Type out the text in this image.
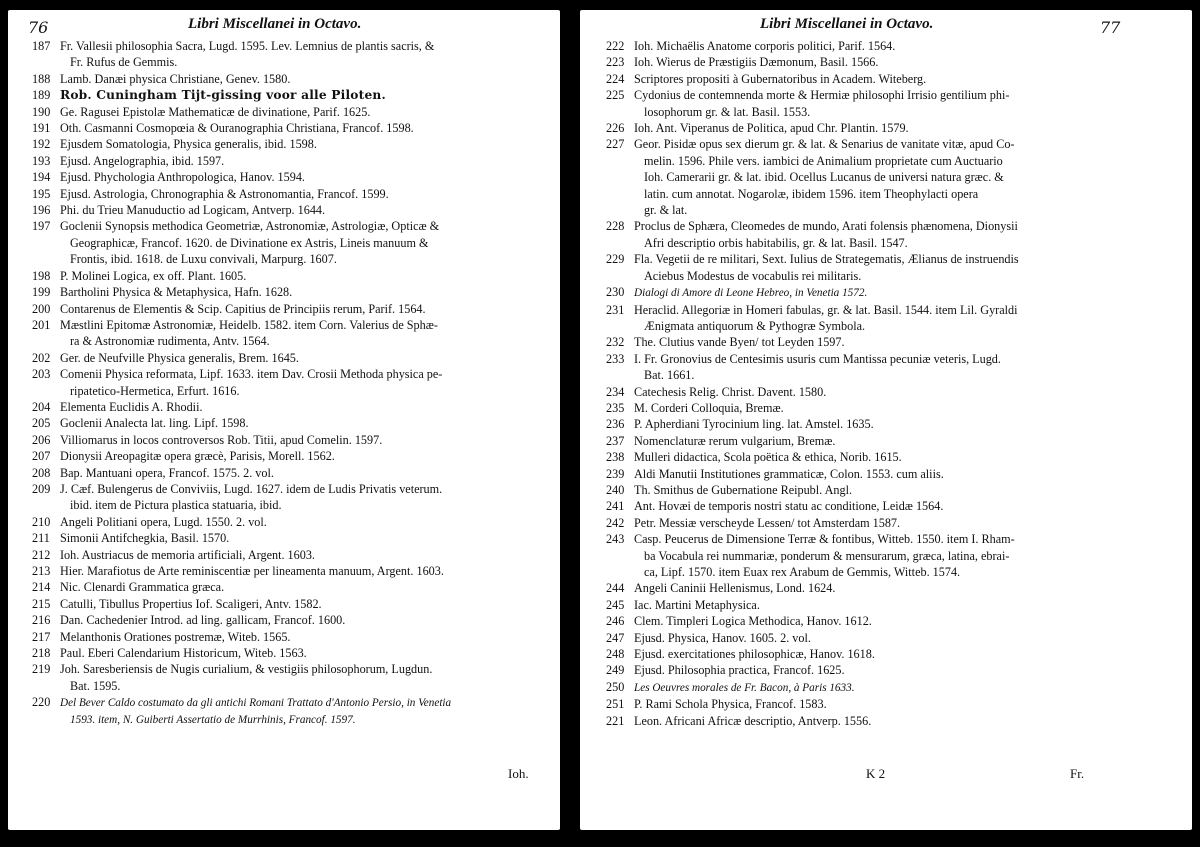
76	Libri Miscellanei in Octavo.
187 Fr. Vallesii philosophia Sacra, Lugd. 1595. Lev. Lemnius de plantis sacris, &
Fr. Rufus de Gemmis.
188 Lamb. Danæi physica Christiane, Genev. 1580.
189 Rob. Cuningham Tijt-gissing voor alle Piloten.
190 Ge. Ragusei Epistolæ Mathematicæ de divinatione, Parif. 1625.
191 Oth. Casmanni Cosmopœia & Ouranographia Christiana, Francof. 1598.
192 Ejusdem Somatologia, Physica generalis, ibid. 1598.
193 Ejusd. Angelographia, ibid. 1597.
194 Ejusd. Phychologia Anthropologica, Hanov. 1594.
195 Ejusd. Astrologia, Chronographia & Astronomantia, Francof. 1599.
196 Phi. du Trieu Manuductio ad Logicam, Antverp. 1644.
197 Goclenii Synopsis methodica Geometriæ, Astronomiæ, Astrologiæ, Opticæ &
Geographicæ, Francof. 1620. de Divinatione ex Astris, Lineis manuum &
Frontis, ibid. 1618. de Luxu convivali, Marpurg. 1607.
198 P. Molinei Logica, ex off. Plant. 1605.
199 Bartholini Physica & Metaphysica, Hafn. 1628.
200 Contarenus de Elementis & Scip. Capitius de Principiis rerum, Parif. 1564.
201 Mæstlini Epitomæ Astronomiæ, Heidelb. 1582. item Corn. Valerius de Sphæ-
ra & Astronomiæ rudimenta, Antv. 1564.
202 Ger. de Neufville Physica generalis, Brem. 1645.
203 Comenii Physica reformata, Lipf. 1633. item Dav. Crosii Methoda physica pe-
ripatetico-Hermetica, Erfurt. 1616.
204 Elementa Euclidis A. Rhodii.
205 Goclenii Analecta lat. ling. Lipf. 1598.
206 Villiomarus in locos controversos Rob. Titii, apud Comelin. 1597.
207 Dionysii Areopagitæ opera græcè, Parisis, Morell. 1562.
208 Bap. Mantuani opera, Francof. 1575. 2. vol.
209 J. Cæf. Bulengerus de Conviviis, Lugd. 1627. idem de Ludis Privatis veterum.
ibid. item de Pictura plastica statuaria, ibid.
210 Angeli Politiani opera, Lugd. 1550. 2. vol.
211 Simonii Antifchegkia, Basil. 1570.
212 Ioh. Austriacus de memoria artificiali, Argent. 1603.
213 Hier. Marafiotus de Arte reminiscentiæ per lineamenta manuum, Argent. 1603.
214 Nic. Clenardi Grammatica græca.
215 Catulli, Tibullus Propertius Iof. Scaligeri, Antv. 1582.
216 Dan. Cachedenier Introd. ad ling. gallicam, Francof. 1600.
217 Melanthonis Orationes postremæ, Witeb. 1565.
218 Paul. Eberi Calendarium Historicum, Witeb. 1563.
219 Joh. Saresberiensis de Nugis curialium, & vestigiis philosophorum, Lugdun.
Bat. 1595.
220 Del Bever Caldo costumato da gli antichi Romani Trattato d'Antonio Persio, in Venetia
1593. item, N. Guiberti Assertatio de Murrhinis, Francof. 1597.
Ioh.
Libri Miscellanei in Octavo.	77
222 Ioh. Michaëlis Anatome corporis politici, Parif. 1564.
223 Ioh. Wierus de Præstigiis Dæmonum, Basil. 1566.
224 Scriptores propositi à Gubernatoribus in Academ. Witeberg.
225 Cydonius de contemnenda morte & Hermiæ philosophi Irrisio gentilium phi-
losophorum gr. & lat. Basil. 1553.
226 Ioh. Ant. Viperanus de Politica, apud Chr. Plantin. 1579.
227 Geor. Pisidæ opus sex dierum gr. & lat. & Senarius de vanitate vitæ, apud Co-
melin. 1596. Phile vers. iambici de Animalium proprietate cum Auctuario
Ioh. Camerarii gr. & lat. ibid. Ocellus Lucanus de universi natura græc. &
latin. cum annotat. Nogarolæ, ibidem 1596. item Theophylacti opera
gr. & lat.
228 Proclus de Sphæra, Cleomedes de mundo, Arati folensis phænomena, Dionysii
Afri descriptio orbis habitabilis, gr. & lat. Basil. 1547.
229 Fla. Vegetii de re militari, Sext. Iulius de Strategematis, Ælianus de instruendis
Aciebus Modestus de vocabulis rei militaris.
230 Dialogi di Amore di Leone Hebreo, in Venetia 1572.
231 Heraclid. Allegoriæ in Homeri fabulas, gr. & lat. Basil. 1544. item Lil. Gyraldi
Ænigmata antiquorum & Pythogræ Symbola.
232 The. Clutius vande Byen/ tot Leyden 1597.
233 I. Fr. Gronovius de Centesimis usuris cum Mantissa pecuniæ veteris, Lugd.
Bat. 1661.
234 Catechesis Relig. Christ. Davent. 1580.
235 M. Corderi Colloquia, Bremæ.
236 P. Apherdiani Tyrocinium ling. lat. Amstel. 1635.
237 Nomenclaturæ rerum vulgarium, Bremæ.
238 Mulleri didactica, Scola poëtica & ethica, Norib. 1615.
239 Aldi Manutii Institutiones grammaticæ, Colon. 1553. cum aliis.
240 Th. Smithus de Gubernatione Reipubl. Angl.
241 Ant. Hovæi de temporis nostri statu ac conditione, Leidæ 1564.
242 Petr. Messiæ verscheyde Lessen/ tot Amsterdam 1587.
243 Casp. Peucerus de Dimensione Terræ & fontibus, Witteb. 1550. item I. Rham-
ba Vocabula rei nummariæ, ponderum & mensurarum, græca, latina, ebrai-
ca, Lipf. 1570. item Euax rex Arabum de Gemmis, Witteb. 1574.
244 Angeli Caninii Hellenismus, Lond. 1624.
245 Iac. Martini Metaphysica.
246 Clem. Timpleri Logica Methodica, Hanov. 1612.
247 Ejusd. Physica, Hanov. 1605. 2. vol.
248 Ejusd. exercitationes philosophicæ, Hanov. 1618.
249 Ejusd. Philosophia practica, Francof. 1625.
250 Les Oeuvres morales de Fr. Bacon, à Paris 1633.
251 P. Rami Schola Physica, Francof. 1583.
221 Leon. Africani Africæ descriptio, Antverp. 1556.
K 2	Fr.
